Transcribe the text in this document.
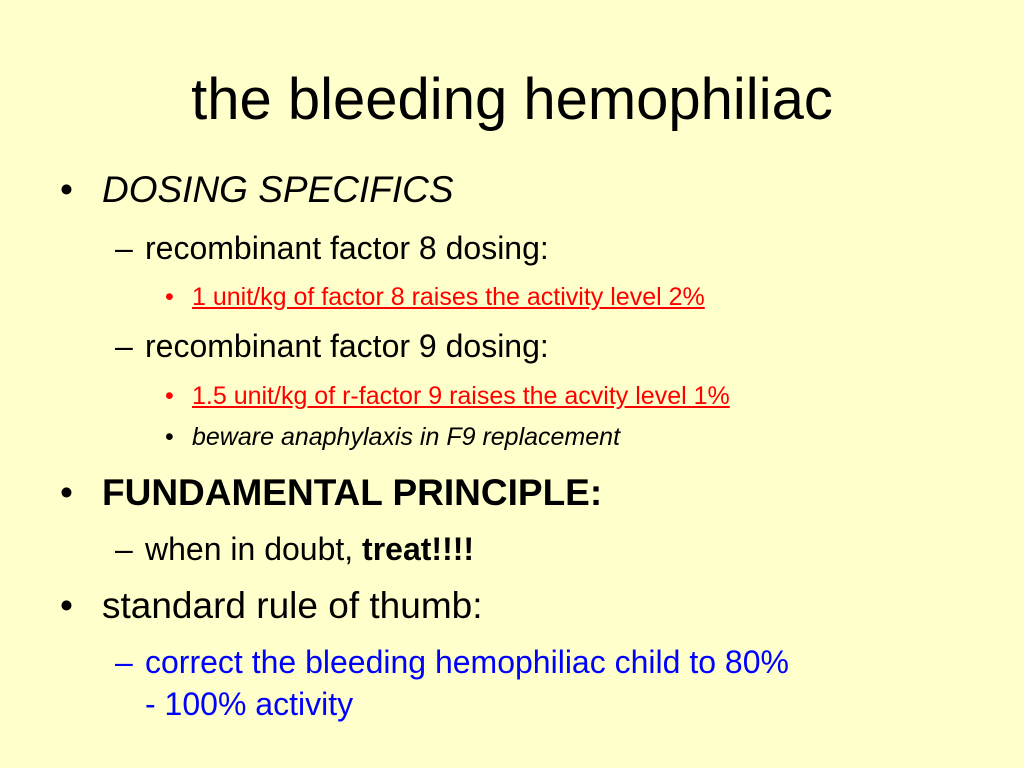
the bleeding hemophiliac
• DOSING SPECIFICS
– recombinant factor 8 dosing:
• 1 unit/kg of factor 8 raises the activity level 2%
– recombinant factor 9 dosing:
• 1.5 unit/kg of r-factor 9 raises the acvity level 1%
• beware anaphylaxis in F9 replacement
• FUNDAMENTAL PRINCIPLE:
– when in doubt, treat!!!!
• standard rule of thumb:
– correct the bleeding hemophiliac child to 80%
- 100% activity
